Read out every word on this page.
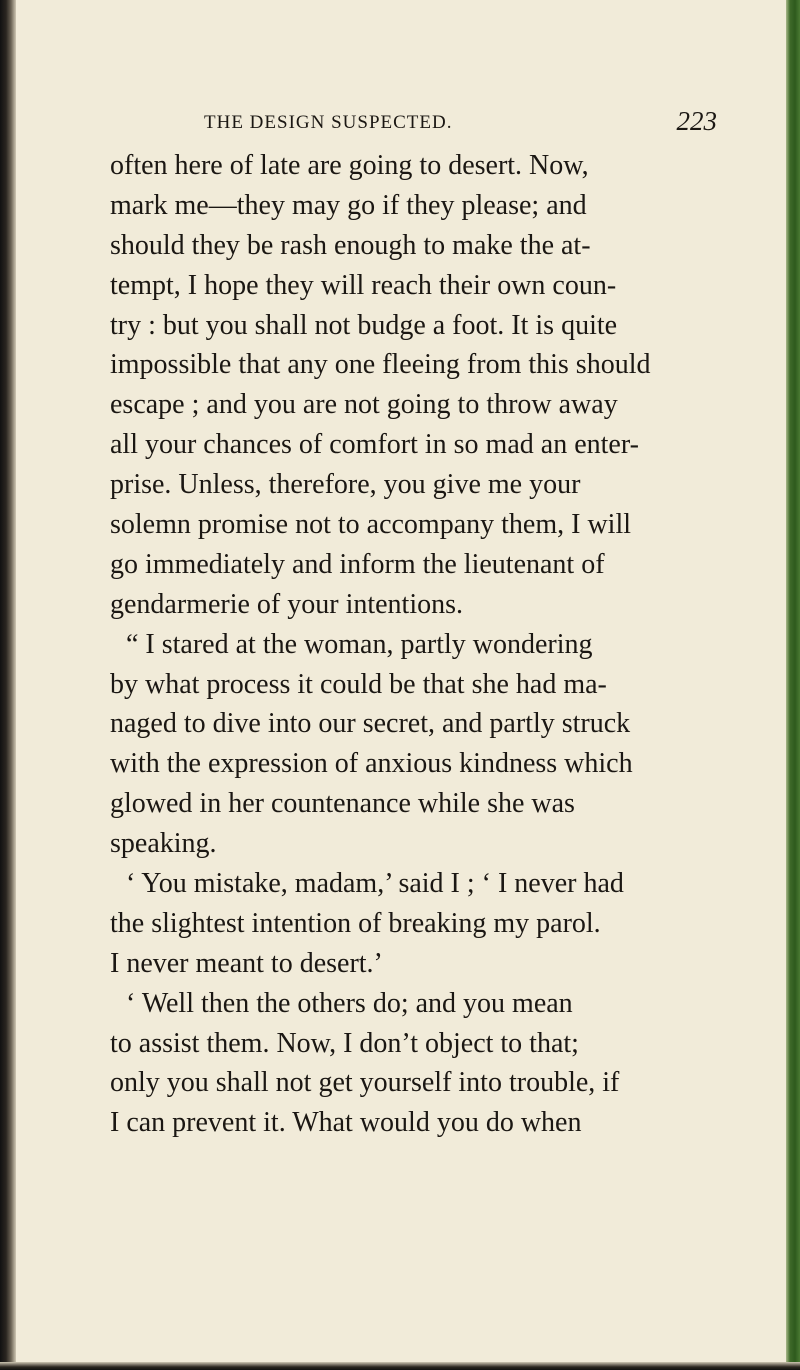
THE DESIGN SUSPECTED.	223
often here of late are going to desert. Now,
mark me—they may go if they please; and
should they be rash enough to make the at-
tempt, I hope they will reach their own coun-
try : but you shall not budge a foot. It is quite
impossible that any one fleeing from this should
escape ; and you are not going to throw away
all your chances of comfort in so mad an enter-
prise. Unless, therefore, you give me your
solemn promise not to accompany them, I will
go immediately and inform the lieutenant of
gendarmerie of your intentions.
“ I stared at the woman, partly wondering
by what process it could be that she had ma-
naged to dive into our secret, and partly struck
with the expression of anxious kindness which
glowed in her countenance while she was
speaking.
‘ You mistake, madam,’ said I ; ‘ I never had
the slightest intention of breaking my parol.
I never meant to desert.’
‘ Well then the others do; and you mean
to assist them. Now, I don’t object to that;
only you shall not get yourself into trouble, if
I can prevent it. What would you do when
